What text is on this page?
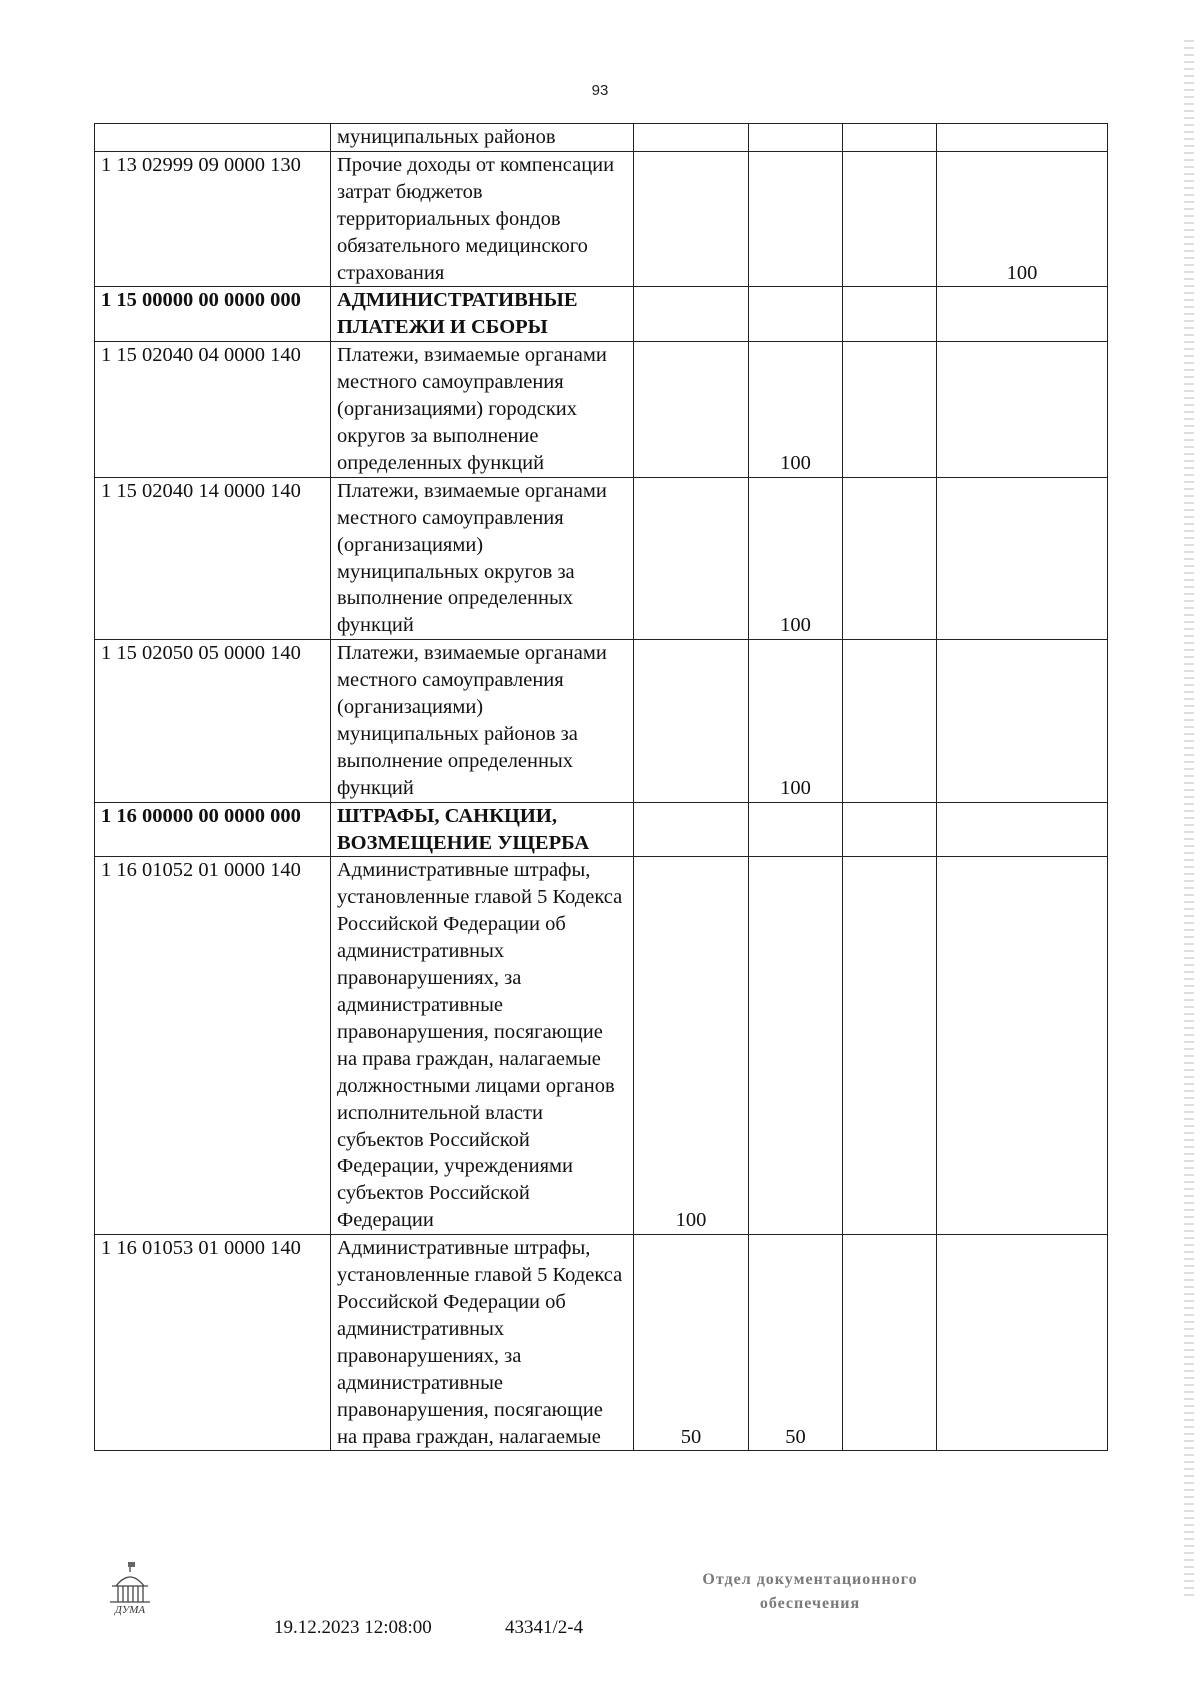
93
	муниципальных районов				
1 13 02999 09 0000 130	Прочие доходы от компенсации затрат бюджетов территориальных фондов обязательного медицинского страхования				100
1 15 00000 00 0000 000	АДМИНИСТРАТИВНЫЕ ПЛАТЕЖИ И СБОРЫ				
1 15 02040 04 0000 140	Платежи, взимаемые органами местного самоуправления (организациями) городских округов за выполнение определенных функций		100		
1 15 02040 14 0000 140	Платежи, взимаемые органами местного самоуправления (организациями) муниципальных округов за выполнение определенных функций		100		
1 15 02050 05 0000 140	Платежи, взимаемые органами местного самоуправления (организациями) муниципальных районов за выполнение определенных функций		100		
1 16 00000 00 0000 000	ШТРАФЫ, САНКЦИИ, ВОЗМЕЩЕНИЕ УЩЕРБА				
1 16 01052 01 0000 140	Административные штрафы, установленные главой 5 Кодекса Российской Федерации об административных правонарушениях, за административные правонарушения, посягающие на права граждан, налагаемые должностными лицами органов исполнительной власти субъектов Российской Федерации, учреждениями субъектов Российской Федерации	100			
1 16 01053 01 0000 140	Административные штрафы, установленные главой 5 Кодекса Российской Федерации об административных правонарушениях, за административные правонарушения, посягающие на права граждан, налагаемые	50	50		
ДУМА
19.12.2023 12:08:00	43341/2-4
Отдел документационного
обеспечения
